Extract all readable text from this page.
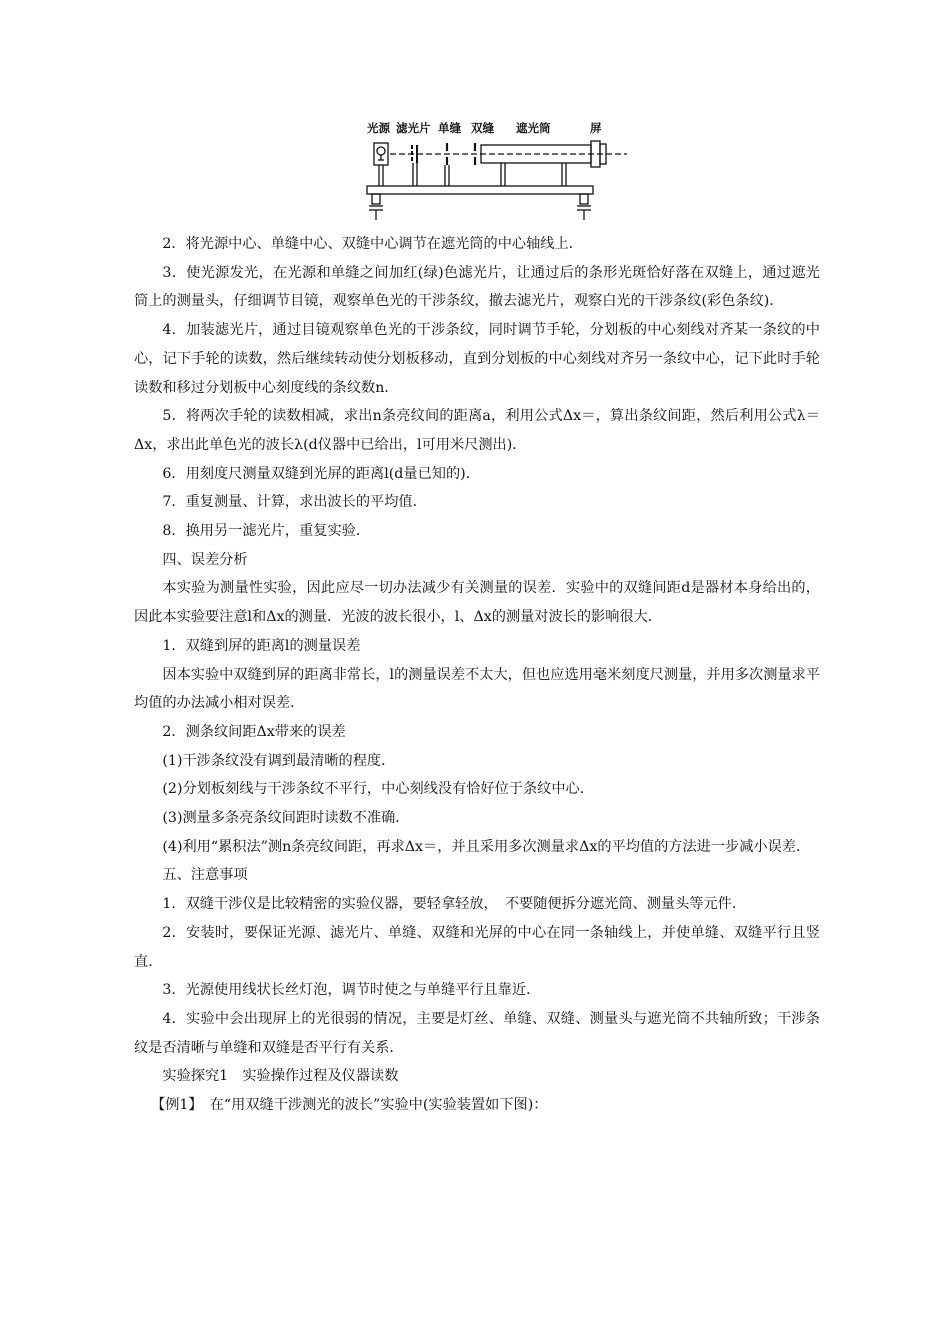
光源 滤光片 单缝 双缝 遮光筒	屏

2．将光源中心、单缝中心、双缝中心调节在遮光筒的中心轴线上．

3．使光源发光，在光源和单缝之间加红(绿)色滤光片，让通过后的条形光斑恰好落在双缝上，通过遮光筒上的测量头，仔细调节目镜，观察单色光的干涉条纹，撤去滤光片，观察白光的干涉条纹(彩色条纹)．

4．加装滤光片，通过目镜观察单色光的干涉条纹，同时调节手轮，分划板的中心刻线对齐某一条纹的中心，记下手轮的读数，然后继续转动使分划板移动，直到分划板的中心刻线对齐另一条纹中心，记下此时手轮读数和移过分划板中心刻度线的条纹数n．

5．将两次手轮的读数相减，求出n条亮纹间的距离a，利用公式Δx＝，算出条纹间距，然后利用公式λ＝Δx，求出此单色光的波长λ(d仪器中已给出，l可用米尺测出)．

6．用刻度尺测量双缝到光屏的距离l(d量已知的)．

7．重复测量、计算，求出波长的平均值．

8．换用另一滤光片，重复实验．

四、误差分析

本实验为测量性实验，因此应尽一切办法减少有关测量的误差．实验中的双缝间距d是器材本身给出的，因此本实验要注意l和Δx的测量．光波的波长很小，l、Δx的测量对波长的影响很大．

1．双缝到屏的距离l的测量误差

因本实验中双缝到屏的距离非常长，l的测量误差不太大，但也应选用毫米刻度尺测量，并用多次测量求平均值的办法减小相对误差．

2．测条纹间距Δx带来的误差

(1)干涉条纹没有调到最清晰的程度．

(2)分划板刻线与干涉条纹不平行，中心刻线没有恰好位于条纹中心．

(3)测量多条亮条纹间距时读数不准确．

(4)利用“累积法”测n条亮纹间距，再求Δx＝，并且采用多次测量求Δx的平均值的方法进一步减小误差．

五、注意事项

1．双缝干涉仪是比较精密的实验仪器，要轻拿轻放，　不要随便拆分遮光筒、测量头等元件．

2．安装时，要保证光源、滤光片、单缝、双缝和光屏的中心在同一条轴线上，并使单缝、双缝平行且竖直．

3．光源使用线状长丝灯泡，调节时使之与单缝平行且靠近．

4．实验中会出现屏上的光很弱的情况，主要是灯丝、单缝、双缝、测量头与遮光筒不共轴所致；干涉条纹是否清晰与单缝和双缝是否平行有关系．

实验探究1　实验操作过程及仪器读数

【例1】　在“用双缝干涉测光的波长”实验中(实验装置如下图)：
